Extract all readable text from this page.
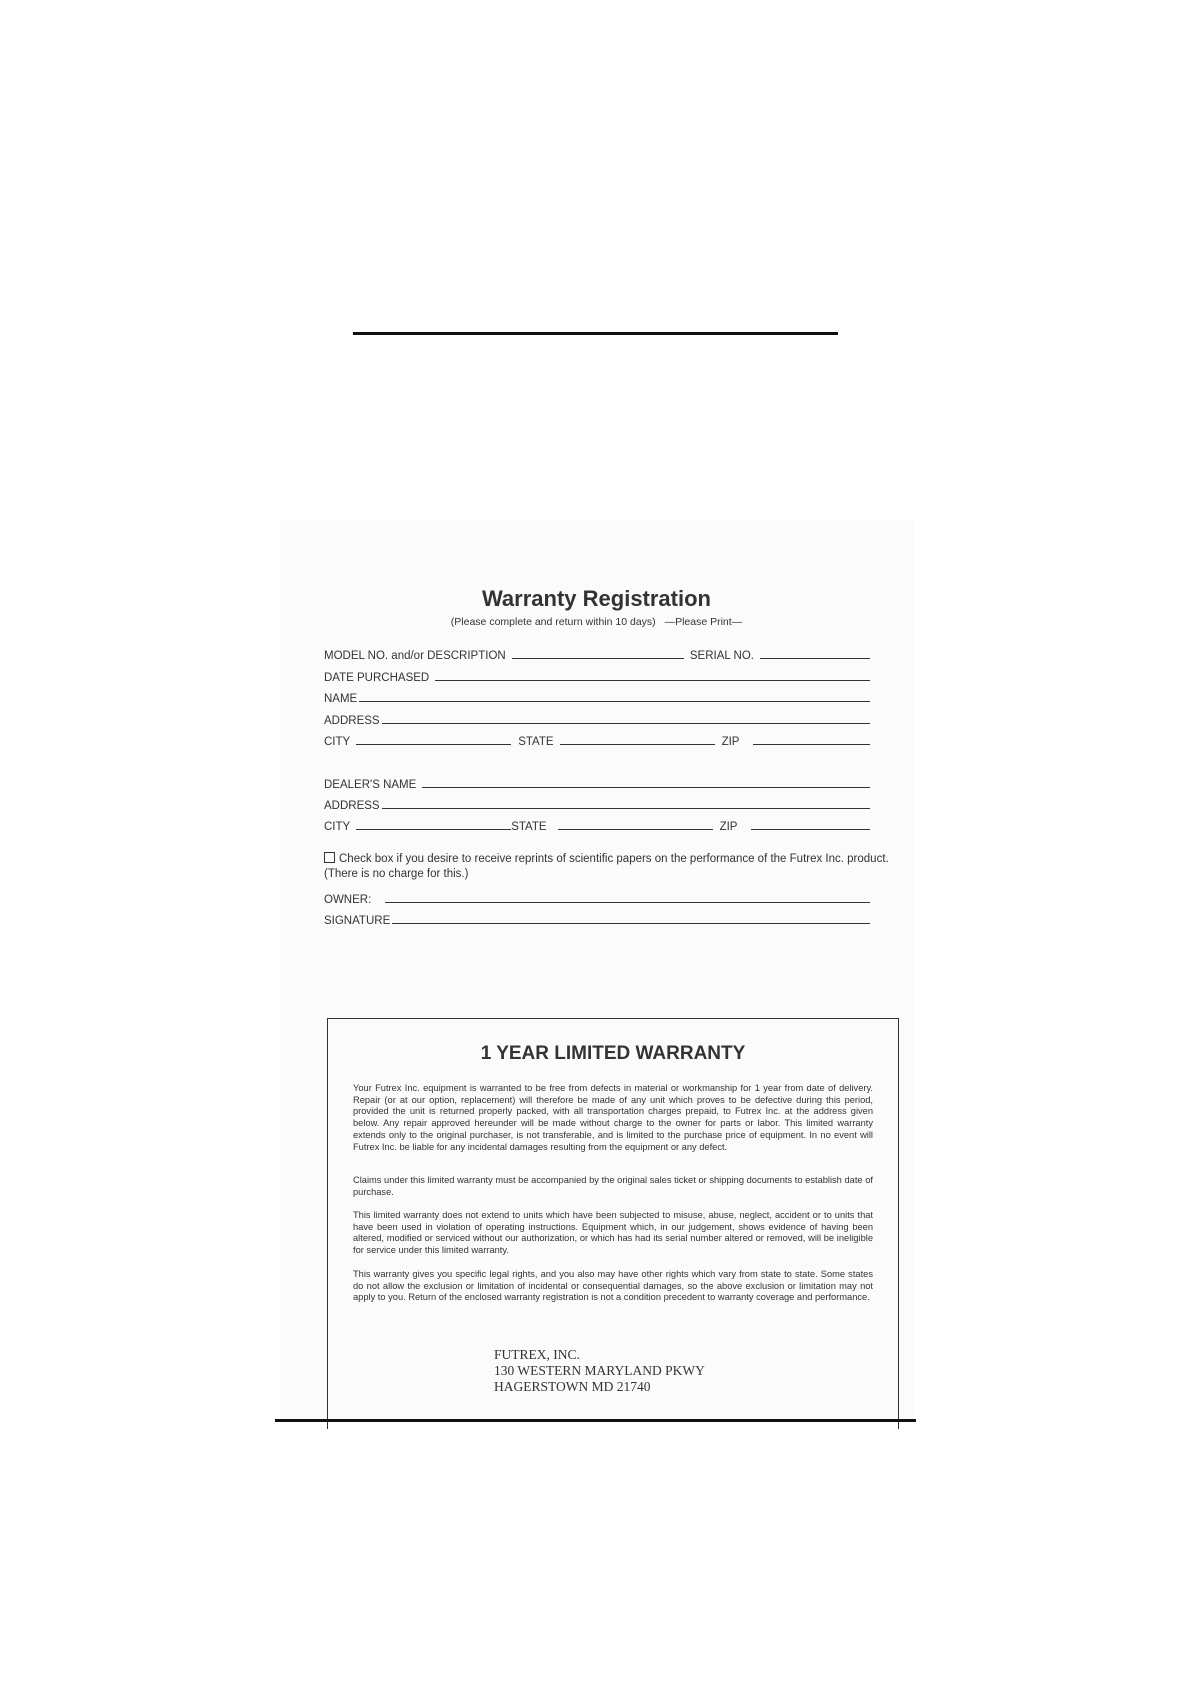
Warranty Registration
(Please complete and return within 10 days) —Please Print—
MODEL NO. and/or DESCRIPTION	SERIAL NO.
DATE PURCHASED
NAME
ADDRESS
CITY	STATE	ZIP
DEALER'S NAME
ADDRESS
CITY	STATE	ZIP
Check box if you desire to receive reprints of scientific papers on the performance of the Futrex Inc. product.
(There is no charge for this.)
OWNER:
SIGNATURE
1 YEAR LIMITED WARRANTY
Your Futrex Inc. equipment is warranted to be free from defects in material or workmanship for 1 year from date of delivery. Repair (or at our option, replacement) will therefore be made of any unit which proves to be defective during this period, provided the unit is returned properly packed, with all transportation charges prepaid, to Futrex Inc. at the address given below. Any repair approved hereunder will be made without charge to the owner for parts or labor. This limited warranty extends only to the original purchaser, is not transferable, and is limited to the purchase price of equipment. In no event will Futrex Inc. be liable for any incidental damages resulting from the equipment or any defect.
Claims under this limited warranty must be accompanied by the original sales ticket or shipping documents to establish date of purchase.
This limited warranty does not extend to units which have been subjected to misuse, abuse, neglect, accident or to units that have been used in violation of operating instructions. Equipment which, in our judgement, shows evidence of having been altered, modified or serviced without our authorization, or which has had its serial number altered or removed, will be ineligible for service under this limited warranty.
This warranty gives you specific legal rights, and you also may have other rights which vary from state to state. Some states do not allow the exclusion or limitation of incidental or consequential damages, so the above exclusion or limitation may not apply to you. Return of the enclosed warranty registration is not a condition precedent to warranty coverage and performance.
FUTREX, INC.
130 WESTERN MARYLAND PKWY
HAGERSTOWN MD 21740
